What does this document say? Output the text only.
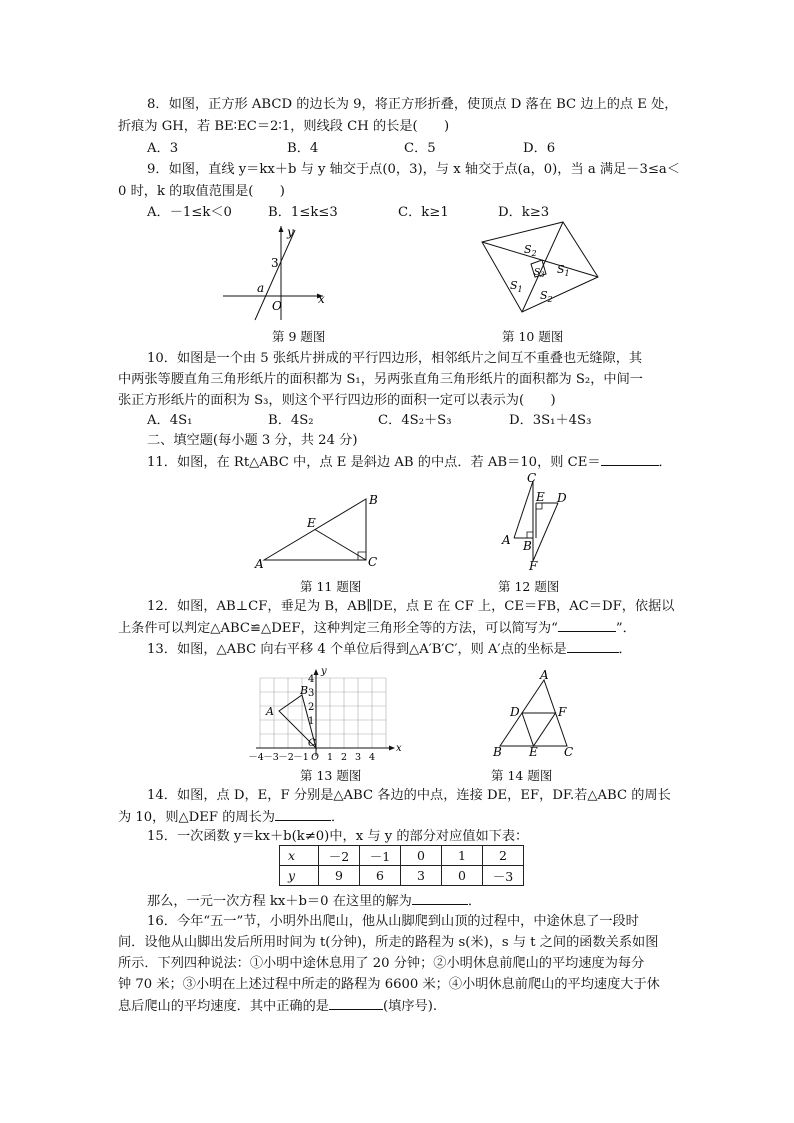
8．如图，正方形 ABCD 的边长为 9，将正方形折叠，使顶点 D 落在 BC 边上的点 E 处，
折痕为 GH，若 BE∶EC＝2∶1，则线段 CH 的长是(　　)
A．3	B．4	C．5	D．6
9．如图，直线 y＝kx＋b 与 y 轴交于点(0，3)，与 x 轴交于点(a，0)，当 a 满足－3≤a＜
0 时，k 的取值范围是(　　)
A．－1≤k＜0	B．1≤k≤3	C．k≥1	D．k≥3
y
x
3
a
O
第 9 题图
$S_2$
$S_1$
$S_3$
$S_1$ $S_2$
第 10 题图
10．如图是一个由 5 张纸片拼成的平行四边形，相邻纸片之间互不重叠也无缝隙，其
中两张等腰直角三角形纸片的面积都为 S₁，另两张直角三角形纸片的面积都为 S₂，中间一
张正方形纸片的面积为 S₃，则这个平行四边形的面积一定可以表示为(　　)
A．4S₁	B．4S₂	C．4S₂＋S₃	D．3S₁＋4S₃
二、填空题(每小题 3 分，共 24 分)
11．如图，在 Rt△ABC 中，点 E 是斜边 AB 的中点．若 AB＝10，则 CE＝	．
A
B
C
E
第 11 题图
C
E D
A B
F
第 12 题图
12．如图，AB⊥CF，垂足为 B，AB∥DE，点 E 在 CF 上，CE＝FB，AC＝DF，依据以
上条件可以判定△ABC≌△DEF，这种判定三角形全等的方法，可以简写为“	”．
13．如图，△ABC 向右平移 4 个单位后得到△A′B′C′，则 A′点的坐标是	．
A
B
C	x
y
4
3
2
1
－4 －3 －2 －1 O 1 2 3 4
第 13 题图
A
D	F
B E C
第 14 题图
14．如图，点 D，E，F 分别是△ABC 各边的中点，连接 DE，EF，DF.若△ABC 的周长
为 10，则△DEF 的周长为	．
15．一次函数 y＝kx＋b(k≠0)中，x 与 y 的部分对应值如下表：
x	－2	－1	0	1	2
y	9	6	3	0	－3
那么，一元一次方程 kx＋b＝0 在这里的解为	．
16．今年“五一”节，小明外出爬山，他从山脚爬到山顶的过程中，中途休息了一段时
间．设他从山脚出发后所用时间为 t(分钟)，所走的路程为 s(米)，s 与 t 之间的函数关系如图
所示．下列四种说法：①小明中途休息用了 20 分钟；②小明休息前爬山的平均速度为每分
钟 70 米；③小明在上述过程中所走的路程为 6600 米；④小明休息前爬山的平均速度大于休
息后爬山的平均速度．其中正确的是	(填序号).
